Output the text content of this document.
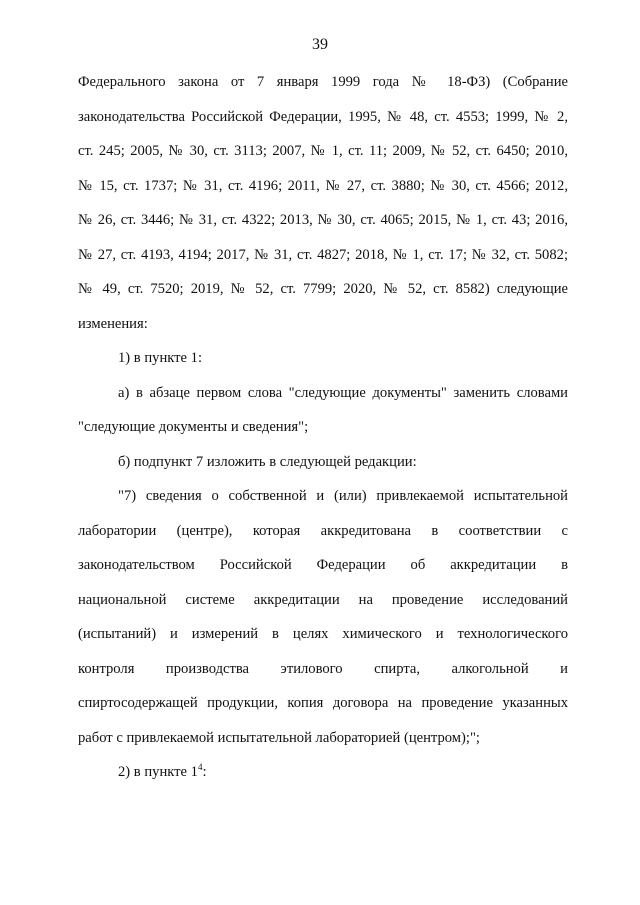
39
Федерального закона от 7 января 1999 года № 18-ФЗ) (Собрание
законодательства Российской Федерации, 1995, № 48, ст. 4553; 1999, № 2,
ст. 245; 2005, № 30, ст. 3113; 2007, № 1, ст. 11; 2009, № 52, ст. 6450; 2010,
№ 15, ст. 1737; № 31, ст. 4196; 2011, № 27, ст. 3880; № 30, ст. 4566; 2012,
№ 26, ст. 3446; № 31, ст. 4322; 2013, № 30, ст. 4065; 2015, № 1, ст. 43; 2016,
№ 27, ст. 4193, 4194; 2017, № 31, ст. 4827; 2018, № 1, ст. 17; № 32, ст. 5082;
№ 49, ст. 7520; 2019, № 52, ст. 7799; 2020, № 52, ст. 8582) следующие
изменения:
1) в пункте 1:
а) в абзаце первом слова "следующие документы" заменить словами
"следующие документы и сведения";
б) подпункт 7 изложить в следующей редакции:
"7) сведения о собственной и (или) привлекаемой испытательной
лаборатории (центре), которая аккредитована в соответствии с
законодательством Российской Федерации об аккредитации в
национальной системе аккредитации на проведение исследований
(испытаний) и измерений в целях химического и технологического
контроля производства этилового спирта, алкогольной и
спиртосодержащей продукции, копия договора на проведение указанных
работ с привлекаемой испытательной лабораторией (центром);";
2) в пункте $1^4$:
